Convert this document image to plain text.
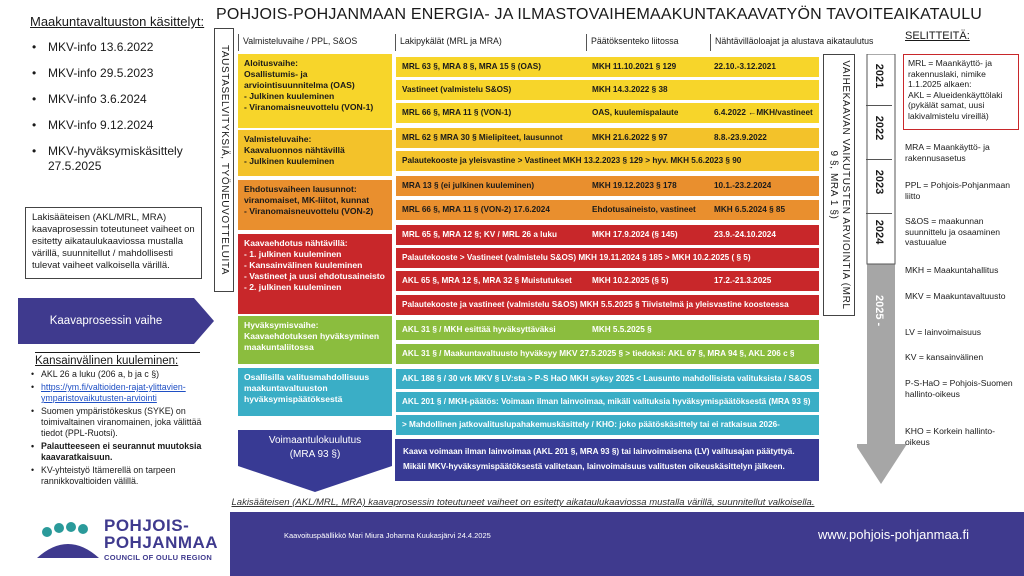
Maakuntavaltuuston käsittelyt:
• MKV-info 13.6.2022
• MKV-info 29.5.2023
• MKV-info 3.6.2024
• MKV-info 9.12.2024
• MKV-hyväksymiskäsittely 27.5.2025
Lakisääteisen (AKL/MRL, MRA) kaavaprosessin toteutuneet vaiheet on esitetty aikataulukaaviossa mustalla värillä, suunnitellut / mahdollisesti tulevat vaiheet valkoisella värillä.
Kaavaprosessin vaihe
Kansainvälinen kuuleminen:
• AKL 26 a luku (206 a, b ja c §)
• https://ym.fi/valtioiden-rajat-ylittavien-ymparistovaikutusten-arviointi
• Suomen ympäristökeskus (SYKE) on toimivaltainen viranomainen, joka välittää tiedot (PPL-Ruotsi).
• Palautteeseen ei seurannut muutoksia kaavaratkaisuun.
• KV-yhteistyö Itämerellä on tarpeen rannikkovaltioiden välillä.
POHJOIS-POHJANMAAN ENERGIA- JA ILMASTOVAIHEMAAKUNTAKAAVATYÖN TAVOITEAIKATAULU
Valmisteluvaihe / PPL, S&OS	Lakipykälät (MRL ja MRA)	Päätöksenteko liitossa	Nähtävilläoloajat ja alustava aikataulutus
TAUSTASELVITYKSIÄ, TYÖNEUVOTTELUITA	VAIHEKAAVAN VAIKUTUSTEN ARVIOINTIA (MRL 9 §, MRA 1 §)
Aloitusvaihe:
Osallistumis- ja arviointisuunnitelma (OAS)
- Julkinen kuuleminen
- Viranomaisneuvottelu (VON-1)
Valmisteluvaihe:
Kaavaluonnos nähtävillä
- Julkinen kuuleminen
Ehdotusvaiheen lausunnot:
viranomaiset, MK-liitot, kunnat
- Viranomaisneuvottelu (VON-2)
Kaavaehdotus nähtävillä:
- 1. julkinen kuuleminen
- Kansainvälinen kuuleminen
- Vastineet ja uusi ehdotusaineisto
- 2. julkinen kuuleminen
Hyväksymisvaihe:
Kaavaehdotuksen hyväksyminen maakuntaliitossa
Osallisilla valitusmahdollisuus maakuntavaltuuston hyväksymispäätöksestä
Voimaantulokuulutus
(MRA 93 §)
MRL 63 §, MRA 8 §, MRA 15 § (OAS)	MKH 11.10.2021 § 129	22.10.-3.12.2021
Vastineet (valmistelu S&OS)	MKH 14.3.2022 § 38
MRL 66 §, MRA 11 § (VON-1)	OAS, kuulemispalaute	6.4.2022 ←MKH/vastineet
MRL 62 § MRA 30 § Mielipiteet, lausunnot	MKH 21.6.2022 § 97	8.8.-23.9.2022
Palautekooste ja yleisvastine > Vastineet MKH 13.2.2023 § 129 > hyv. MKH 5.6.2023 § 90
MRA 13 § (ei julkinen kuuleminen)	MKH 19.12.2023 § 178	10.1.-23.2.2024
MRL 66 §, MRA 11 § (VON-2) 17.6.2024	Ehdotusaineisto, vastineet MKH 6.5.2024 § 85
MRL 65 §, MRA 12 §; KV / MRL 26 a luku	MKH 17.9.2024 (§ 145)	23.9.-24.10.2024
Palautekooste > Vastineet (valmistelu S&OS) MKH 19.11.2024 § 185 > MKH 10.2.2025 ( § 5)
AKL 65 §, MRA 12 §, MRA 32 § Muistutukset MKH 10.2.2025 (§ 5)	17.2.-21.3.2025
Palautekooste ja vastineet (valmistelu S&OS) MKH 5.5.2025 § Tiivistelmä ja yleisvastine koosteessa
AKL 31 § / MKH esittää hyväksyttäväksi	MKH 5.5.2025 §
AKL 31 § / Maakuntavaltuusto hyväksyy MKV 27.5.2025 § > tiedoksi: AKL 67 §, MRA 94 §, AKL 206 c §
AKL 188 § / 30 vrk MKV § LV:sta > P-S HaO MKH syksy 2025 < Lausunto mahdollisista valituksista / S&OS
AKL 201 § / MKH-päätös: Voimaan ilman lainvoimaa, mikäli valituksia hyväksymispäätöksestä (MRA 93 §)
> Mahdollinen jatkovalituslupahakemuskäsittely / KHO: joko päätöskäsittely tai ei ratkaisua 2026-
Kaava voimaan ilman lainvoimaa (AKL 201 §, MRA 93 §) tai lainvoimaisena (LV) valitusajan päätyttyä.
Mikäli MKV-hyväksymispäätöksestä valitetaan, lainvoimaisuus valitusten oikeuskäsittelyn jälkeen.
2021
2022
2023
2024
2025 -
SELITTEITÄ:
MRL = Maankäyttö- ja rakennuslaki, nimike 1.1.2025 alkaen:
AKL = Alueidenkäyttölaki (pykälät samat, uusi lakivalmistelu vireillä)
MRA = Maankäyttö- ja rakennusasetus
PPL = Pohjois-Pohjanmaan liitto
S&OS = maakunnan suunnittelu ja osaaminen vastuualue
MKH = Maakuntahallitus
MKV = Maakuntavaltuusto
LV = lainvoimaisuus
KV = kansainvälinen
P-S-HaO = Pohjois-Suomen hallinto-oikeus
KHO = Korkein hallinto-oikeus
Lakisääteisen (AKL/MRL, MRA) kaavaprosessin toteutuneet vaiheet on esitetty aikataulukaaviossa mustalla värillä, suunnitellut valkoisella.
POHJOIS-
POHJANMAA
COUNCIL OF OULU REGION
Kaavoituspäällikkö Mari Miura Johanna Kuukasjärvi 24.4.2025	www.pohjois-pohjanmaa.fi
